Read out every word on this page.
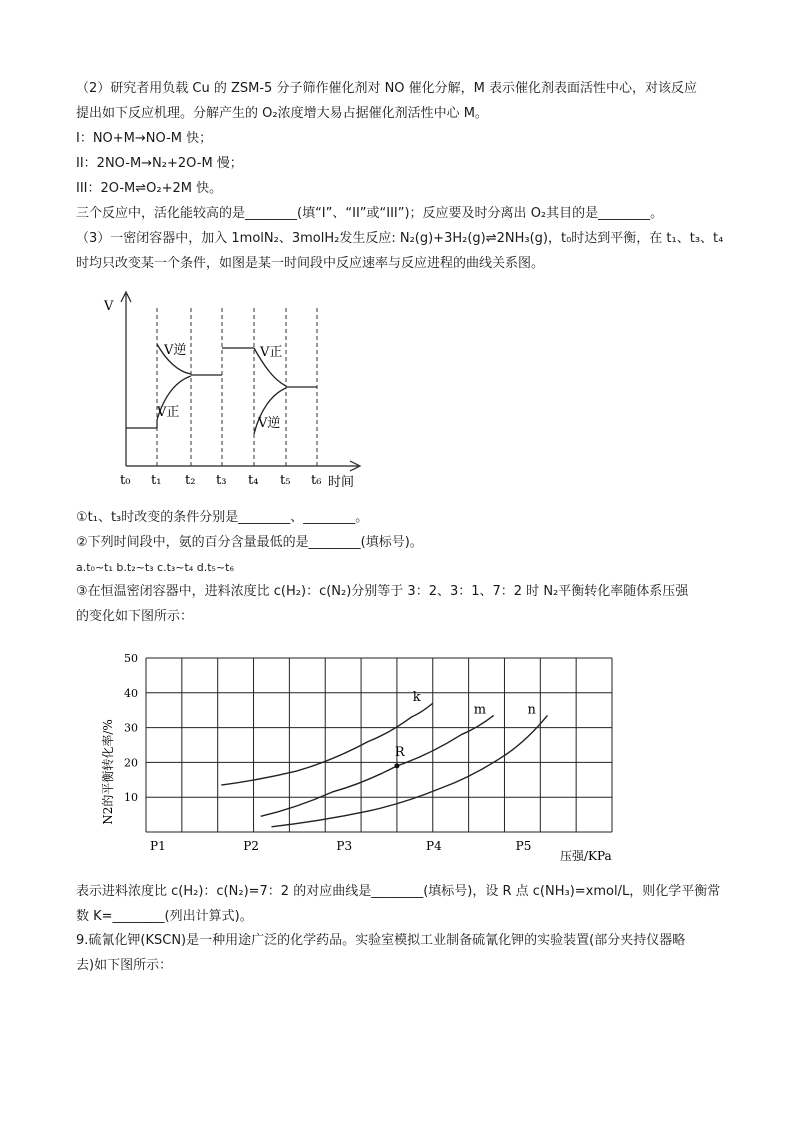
（2）研究者用负载 Cu 的 ZSM-5 分子筛作催化剂对 NO 催化分解，M 表示催化剂表面活性中心，对该反应
提出如下反应机理。分解产生的 O₂浓度增大易占据催化剂活性中心 M。
I：NO+M→NO-M 快；
II：2NO-M→N₂+2O-M 慢；
III：2O-M⇌O₂+2M 快。
三个反应中，活化能较高的是________(填“I”、“II”或“III”)；反应要及时分离出 O₂其目的是________。
（3）一密闭容器中，加入 1molN₂、3molH₂发生反应: N₂(g)+3H₂(g)⇌2NH₃(g)，t₀时达到平衡，在 t₁、t₃、t₄
时均只改变某一个条件，如图是某一时间段中反应速率与反应进程的曲线关系图。
V
V逆
V正
V正
V逆
t₀ t₁ t₂ t₃ t₄ t₅ t₆ 时间
①t₁、t₃时改变的条件分别是________、________。
②下列时间段中，氨的百分含量最低的是________(填标号)。
a.t₀~t₁ b.t₂~t₃ c.t₃~t₄ d.t₅~t₆
③在恒温密闭容器中，进料浓度比 c(H₂)：c(N₂)分别等于 3：2、3：1、7：2 时 N₂平衡转化率随体系压强
的变化如下图所示：
10
20
30
40
50
P1	P2	P3	P4	P5
k
m	n
R
N2的平衡转化率/%
压强/KPa
表示进料浓度比 c(H₂)：c(N₂)=7：2 的对应曲线是________(填标号)，设 R 点 c(NH₃)=xmol/L，则化学平衡常
数 K=________(列出计算式)。
9.硫氰化钾(KSCN)是一种用途广泛的化学药品。实验室模拟工业制备硫氰化钾的实验装置(部分夹持仪器略
去)如下图所示：
